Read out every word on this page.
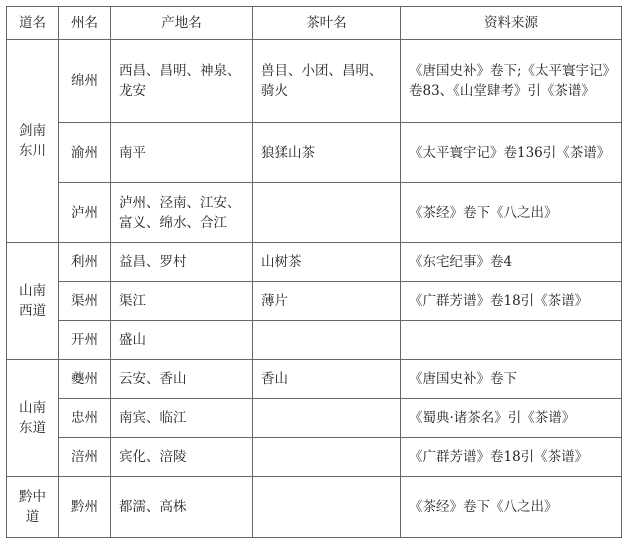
道名	州名	产地名	茶叶名	资料来源
剑南东川	绵州	西昌、昌明、神泉、龙安	兽目、小团、昌明、骑火	《唐国史补》卷下;《太平寰宇记》卷83、《山堂肆考》引《茶谱》
	渝州	南平	狼猱山茶	《太平寰宇记》卷136引《茶谱》
	泸州	泸州、泾南、江安、富义、绵水、合江		《茶经》卷下《八之出》
山南西道	利州	益昌、罗村	山树茶	《东宅纪事》卷4
	渠州	渠江	薄片	《广群芳谱》卷18引《茶谱》
	开州	盛山		
山南东道	夔州	云安、香山	香山	《唐国史补》卷下
	忠州	南宾、临江		《蜀典·诸茶名》引《茶谱》
	涪州	宾化、涪陵		《广群芳谱》卷18引《茶谱》
黔中道	黔州	都濡、高株		《茶经》卷下《八之出》
